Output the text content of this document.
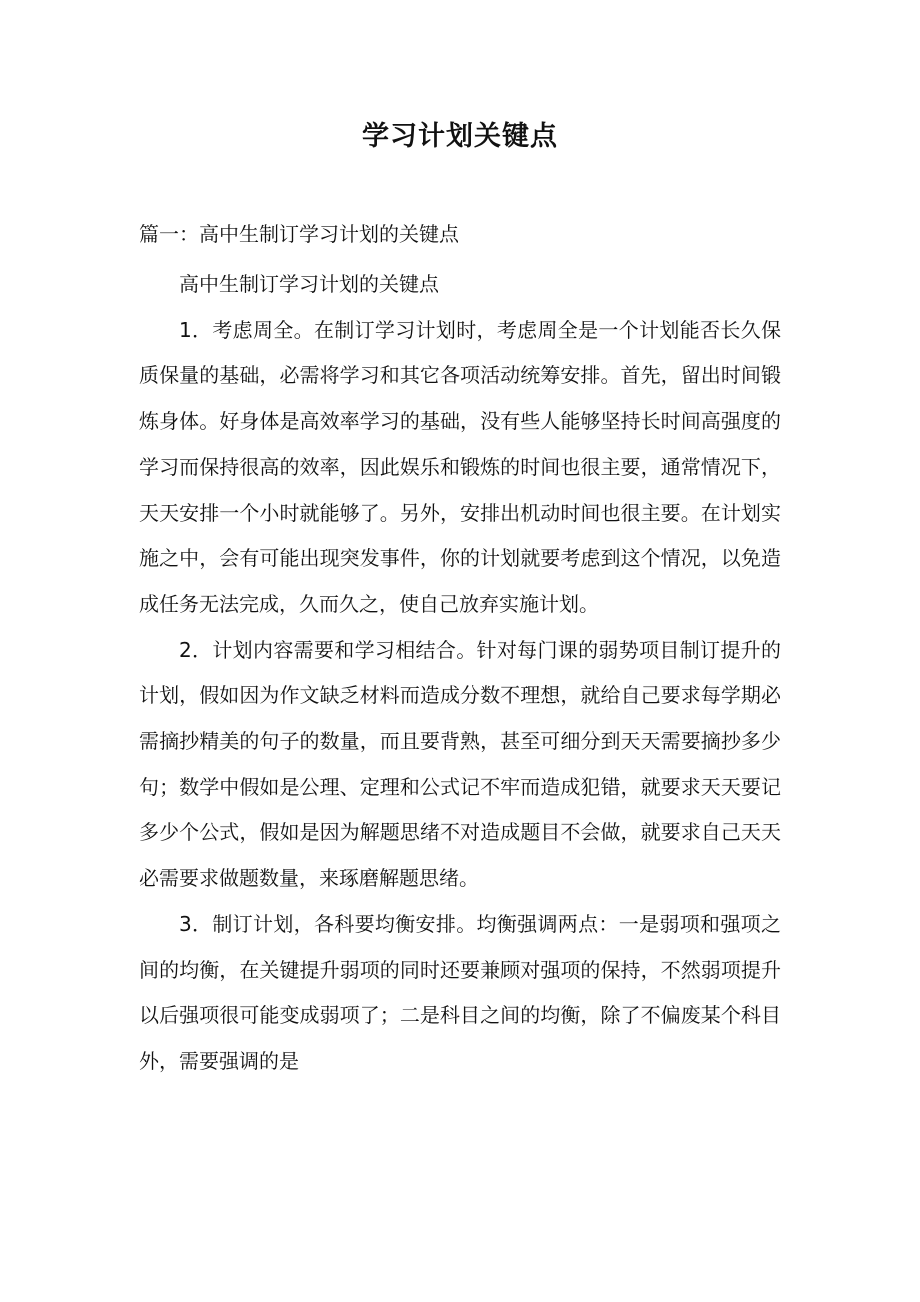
学习计划关键点
篇一：高中生制订学习计划的关键点

高中生制订学习计划的关键点

1．考虑周全。在制订学习计划时，考虑周全是一个计划能否长久保质保量的基础，必需将学习和其它各项活动统筹安排。首先，留出时间锻炼身体。好身体是高效率学习的基础，没有些人能够坚持长时间高强度的学习而保持很高的效率，因此娱乐和锻炼的时间也很主要，通常情况下，天天安排一个小时就能够了。另外，安排出机动时间也很主要。在计划实施之中，会有可能出现突发事件，你的计划就要考虑到这个情况，以免造成任务无法完成，久而久之，使自己放弃实施计划。

2．计划内容需要和学习相结合。针对每门课的弱势项目制订提升的计划，假如因为作文缺乏材料而造成分数不理想，就给自己要求每学期必需摘抄精美的句子的数量，而且要背熟，甚至可细分到天天需要摘抄多少句；数学中假如是公理、定理和公式记不牢而造成犯错，就要求天天要记多少个公式，假如是因为解题思绪不对造成题目不会做，就要求自己天天必需要求做题数量，来琢磨解题思绪。

3．制订计划，各科要均衡安排。均衡强调两点：一是弱项和强项之间的均衡，在关键提升弱项的同时还要兼顾对强项的保持，不然弱项提升以后强项很可能变成弱项了；二是科目之间的均衡，除了不偏废某个科目外，需要强调的是
